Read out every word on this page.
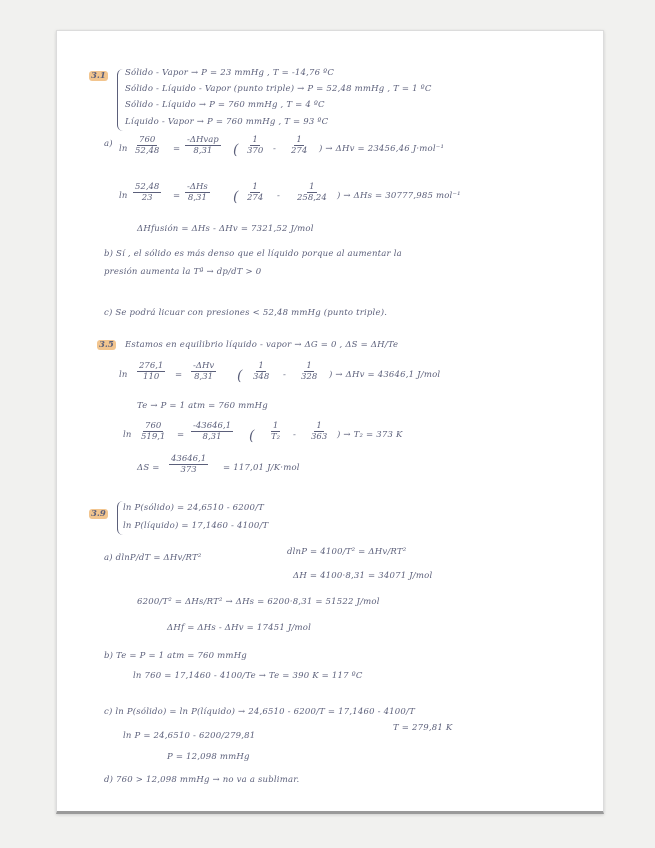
3.1 Sólido - Vapor → P = 23 mmHg , T = -14,76 ºC
Sólido - Líquido - Vapor (punto triple) → P = 52,48 mmHg , T = 1 ºC
Sólido - Líquido → P = 760 mmHg , T = 4 ºC
Líquido - Vapor → P = 760 mmHg , T = 93 ºC
a) $\ln \frac{760}{52,48}$ =
-ΔHvap
8,31 ( $\frac{1}{370} - \frac{1}{274}$ ) → ΔHv = 23456,46 J·mol⁻¹
$\ln \frac{52,48}{23}$ =
-ΔHs
8,31 ( $\frac{1}{274} - \frac{1}{258,24}$ ) → ΔHs = 30777,985 mol⁻¹
ΔHfusión = ΔHs - ΔHv = 7321,52 J/mol
b) Sí , el sólido es más denso que el líquido porque al aumentar la
presión aumenta la Tª → dp/dT > 0
c) Se podrá licuar con presiones < 52,48 mmHg (punto triple).
3.5 Estamos en equilibrio líquido - vapor → ΔG = 0 , ΔS = ΔH/Te
$\ln \frac{276,1}{110}$ =
-ΔHv
8,31 ( $\frac{1}{348} - \frac{1}{328}$ ) → ΔHv = 43646,1 J/mol
Te → P = 1 atm = 760 mmHg
$\ln \frac{760}{519,1} = \frac{-43646,1}{8,31}$ ( $\frac{1}{\text{T₂}} - \frac{1}{363}$ ) → T₂ = 373 K
$\Delta S = \frac{43646,1}{373} = 117,01$ J/K·mol
3.9
ln P(sólido) = 24,6510 - 6200/T
ln P(líquido) = 17,1460 - 4100/T
a) dlnP/dT = ΔHv/RT²
dlnP = 4100/T² = ΔHv/RT²
ΔH = 4100·8,31 = 34071 J/mol
6200/T² = ΔHs/RT² → ΔHs = 6200·8,31 = 51522 J/mol
ΔHf = ΔHs - ΔHv = 17451 J/mol
b) Te = P = 1 atm = 760 mmHg
ln 760 = 17,1460 - 4100/Te → Te = 390 K = 117 ºC
c) ln P(sólido) = ln P(líquido) → 24,6510 - 6200/T = 17,1460 - 4100/T
T = 279,81 K
ln P = 24,6510 - 6200/279,81
P = 12,098 mmHg
d) 760 > 12,098 mmHg → no va a sublimar.
